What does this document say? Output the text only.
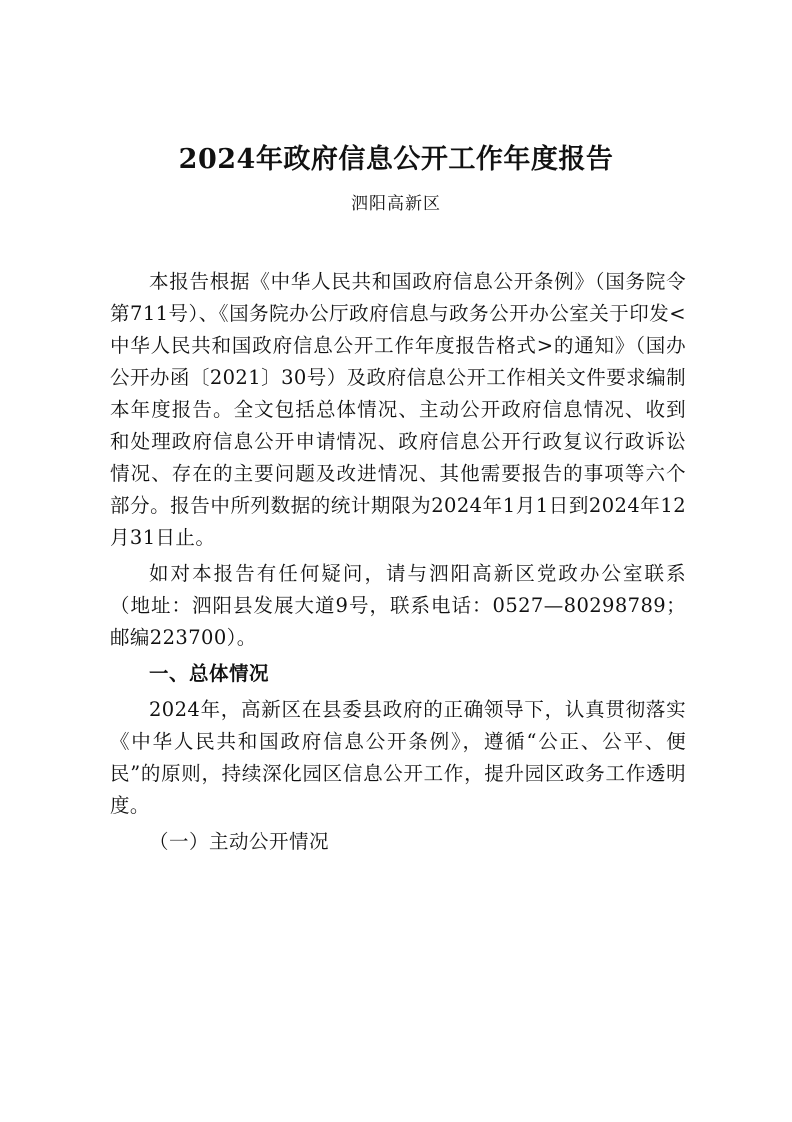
2024年政府信息公开工作年度报告
泗阳高新区

本报告根据《中华人民共和国政府信息公开条例》（国务院令第711号）、《国务院办公厅政府信息与政务公开办公室关于印发<中华人民共和国政府信息公开工作年度报告格式>的通知》（国办公开办函〔2021〕30号）及政府信息公开工作相关文件要求编制本年度报告。全文包括总体情况、主动公开政府信息情况、收到和处理政府信息公开申请情况、政府信息公开行政复议行政诉讼情况、存在的主要问题及改进情况、其他需要报告的事项等六个部分。报告中所列数据的统计期限为2024年1月1日到2024年12月31日止。

如对本报告有任何疑问，请与泗阳高新区党政办公室联系（地址：泗阳县发展大道9号，联系电话：0527—80298789；邮编223700）。

一、总体情况

2024年，高新区在县委县政府的正确领导下，认真贯彻落实《中华人民共和国政府信息公开条例》，遵循“公正、公平、便民”的原则，持续深化园区信息公开工作，提升园区政务工作透明度。

（一）主动公开情况
